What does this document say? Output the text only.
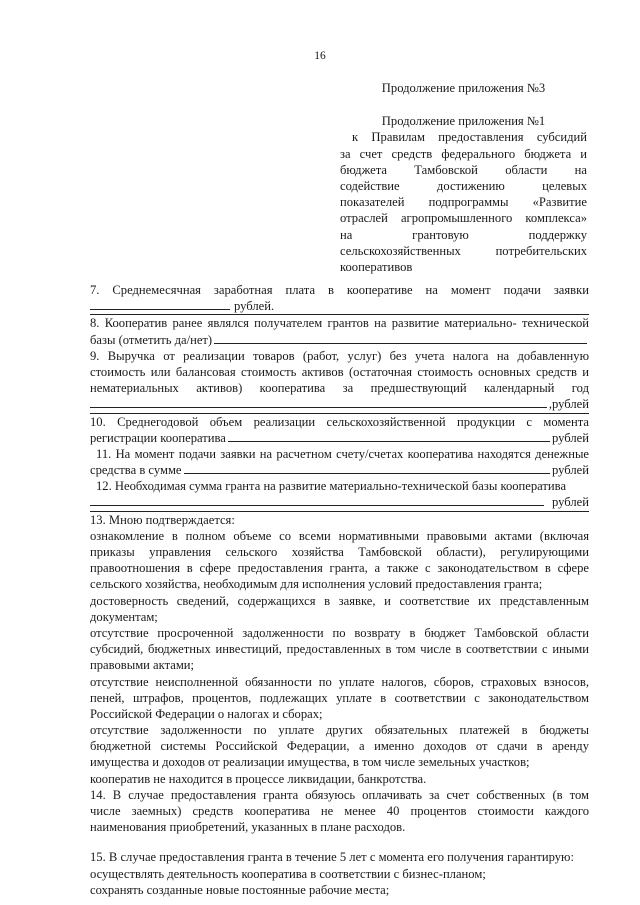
16
Продолжение приложения №3
Продолжение приложения №1
к Правилам предоставления субсидий
за счет средств федерального бюджета и
бюджета Тамбовской области на
содействие достижению целевых
показателей подпрограммы «Развитие
отраслей агропромышленного комплекса»
на грантовую поддержку
сельскохозяйственных потребительских
кооперативов
7. Среднемесячная заработная плата в кооперативе на момент подачи заявки
рублей.
8. Кооператив ранее являлся получателем грантов на развитие материально- технической
базы (отметить да/нет)
9. Выручка от реализации товаров (работ, услуг) без учета налога на добавленную
стоимость или балансовая стоимость активов (остаточная стоимость основных средств и
нематериальных активов) кооператива за предшествующий календарный год
,рублей
10. Среднегодовой объем реализации сельскохозяйственной продукции с момента
регистрации кооператива	рублей
11. На момент подачи заявки на расчетном счету/счетах кооператива находятся денежные
средства в сумме	рублей
12. Необходимая сумма гранта на развитие материально-технической базы кооператива
рублей
13. Мною подтверждается:
ознакомление в полном объеме со всеми нормативными правовыми актами (включая
приказы управления сельского хозяйства Тамбовской области), регулирующими
правоотношения в сфере предоставления гранта, а также с законодательством в сфере
сельского хозяйства, необходимым для исполнения условий предоставления гранта;
достоверность сведений, содержащихся в заявке, и соответствие их представленным
документам;
отсутствие просроченной задолженности по возврату в бюджет Тамбовской области
субсидий, бюджетных инвестиций, предоставленных в том числе в соответствии с иными
правовыми актами;
отсутствие неисполненной обязанности по уплате налогов, сборов, страховых взносов,
пеней, штрафов, процентов, подлежащих уплате в соответствии с законодательством
Российской Федерации о налогах и сборах;
отсутствие задолженности по уплате других обязательных платежей в бюджеты
бюджетной системы Российской Федерации, а именно доходов от сдачи в аренду
имущества и доходов от реализации имущества, в том числе земельных участков;
кооператив не находится в процессе ликвидации, банкротства.
14. В случае предоставления гранта обязуюсь оплачивать за счет собственных (в том
числе заемных) средств кооператива не менее 40 процентов стоимости каждого
наименования приобретений, указанных в плане расходов.
15. В случае предоставления гранта в течение 5 лет с момента его получения гарантирую:
осуществлять деятельность кооператива в соответствии с бизнес-планом;
сохранять созданные новые постоянные рабочие места;
